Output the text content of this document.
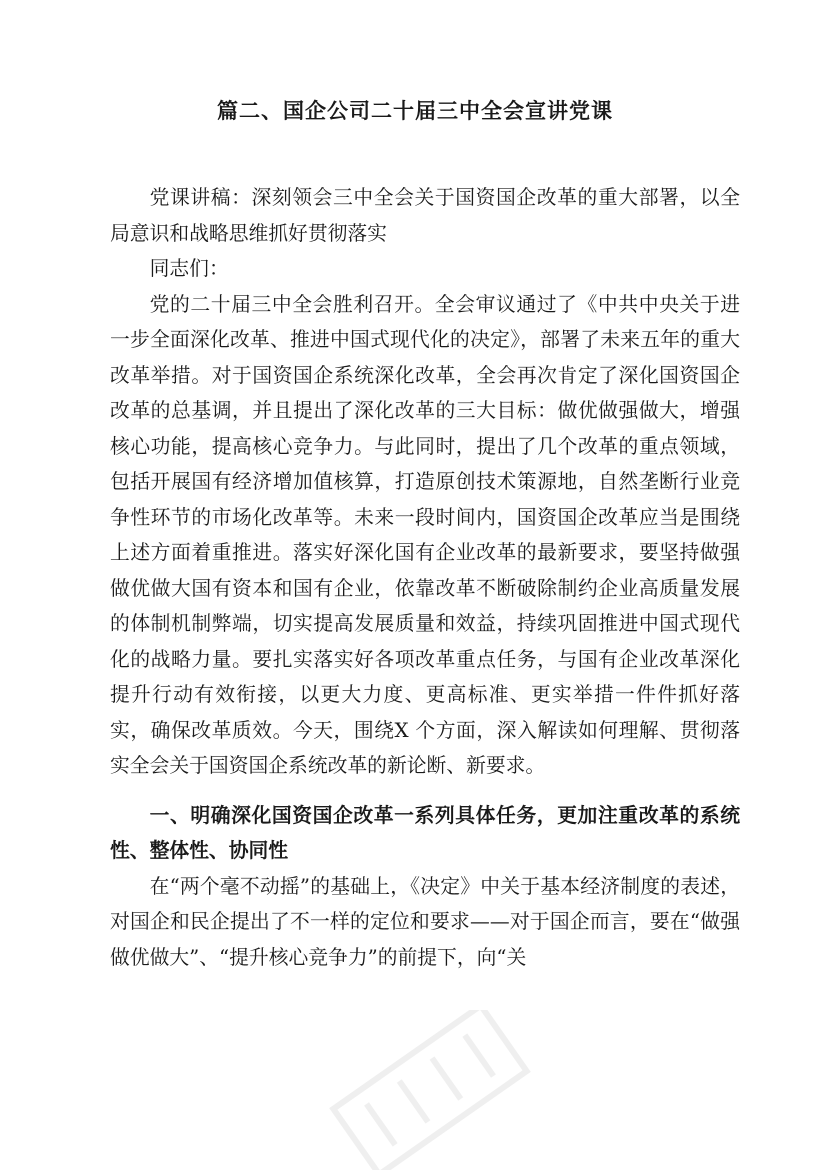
篇二、国企公司二十届三中全会宣讲党课

党课讲稿：深刻领会三中全会关于国资国企改革的重大部署，以全局意识和战略思维抓好贯彻落实

同志们：

党的二十届三中全会胜利召开。全会审议通过了《中共中央关于进一步全面深化改革、推进中国式现代化的决定》，部署了未来五年的重大改革举措。对于国资国企系统深化改革，全会再次肯定了深化国资国企改革的总基调，并且提出了深化改革的三大目标：做优做强做大，增强核心功能，提高核心竞争力。与此同时，提出了几个改革的重点领域，包括开展国有经济增加值核算，打造原创技术策源地，自然垄断行业竞争性环节的市场化改革等。未来一段时间内，国资国企改革应当是围绕上述方面着重推进。落实好深化国有企业改革的最新要求，要坚持做强做优做大国有资本和国有企业，依靠改革不断破除制约企业高质量发展的体制机制弊端，切实提高发展质量和效益，持续巩固推进中国式现代化的战略力量。要扎实落实好各项改革重点任务，与国有企业改革深化提升行动有效衔接，以更大力度、更高标准、更实举措一件件抓好落实，确保改革质效。今天，围绕X 个方面，深入解读如何理解、贯彻落实全会关于国资国企系统改革的新论断、新要求。

一、明确深化国资国企改革一系列具体任务，更加注重改革的系统性、整体性、协同性

在“两个毫不动摇”的基础上，《决定》中关于基本经济制度的表述，对国企和民企提出了不一样的定位和要求——对于国企而言，要在“做强做优做大”、“提升核心竞争力”的前提下，向“关
